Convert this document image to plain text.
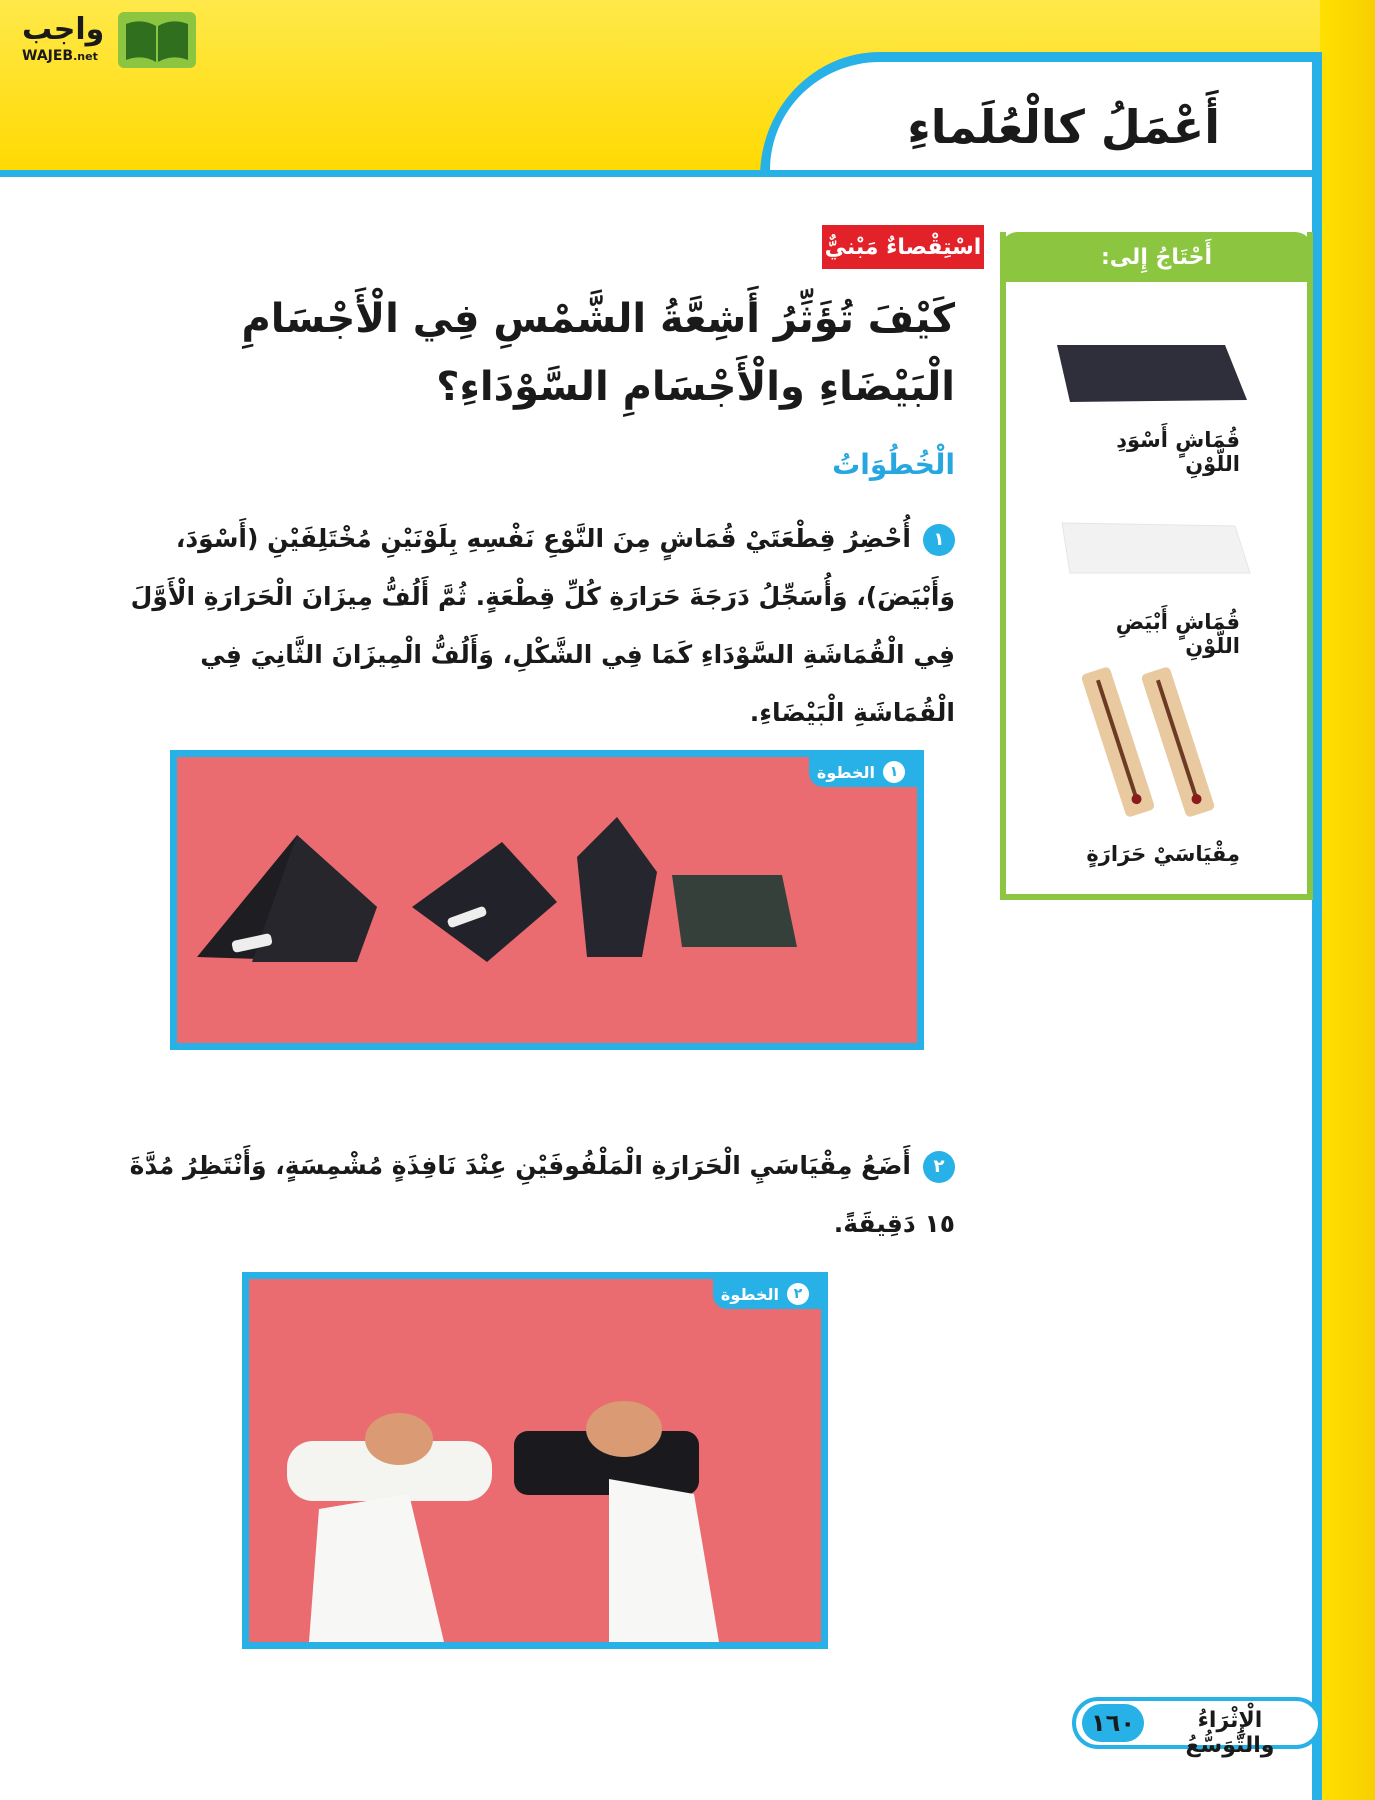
أَعْمَلُ كالْعُلَماءِ
واجب
WAJEB.net
اسْتِقْصاءٌ مَبْنيٌّ
كَيْفَ تُؤَثِّرُ أَشِعَّةُ الشَّمْسِ فِي الْأَجْسَامِ الْبَيْضَاءِ والْأَجْسَامِ السَّوْدَاءِ؟
الْخُطُوَاتُ
١أُحْضِرُ قِطْعَتَيْ قُمَاشٍ مِنَ النَّوْعِ نَفْسِهِ بِلَوْنَيْنِ مُخْتَلِفَيْنِ (أَسْوَدَ، وَأَبْيَضَ)، وَأُسَجِّلُ دَرَجَةَ حَرَارَةِ كُلِّ قِطْعَةٍ. ثُمَّ أَلُفُّ مِيزَانَ الْحَرَارَةِ الْأَوَّلَ فِي الْقُمَاشَةِ السَّوْدَاءِ كَمَا فِي الشَّكْلِ، وَأَلُفُّ الْمِيزَانَ الثَّانِيَ فِي الْقُمَاشَةِ الْبَيْضَاءِ.
١
الخطوة
٢أَضَعُ مِقْيَاسَيِ الْحَرَارَةِ الْمَلْفُوفَيْنِ عِنْدَ نَافِذَةٍ مُشْمِسَةٍ، وَأَنْتَظِرُ مُدَّةَ ١٥ دَقِيقَةً.
٢
الخطوة
أَحْتَاجُ إِلى:
قُمَاشٍ أَسْوَدِ اللَّوْنِ
قُمَاشٍ أَبْيَضِ اللَّوْنِ
مِقْيَاسَيْ حَرَارَةٍ
١٦٠	الْإِثْرَاءُ والتَّوَسُّعُ
